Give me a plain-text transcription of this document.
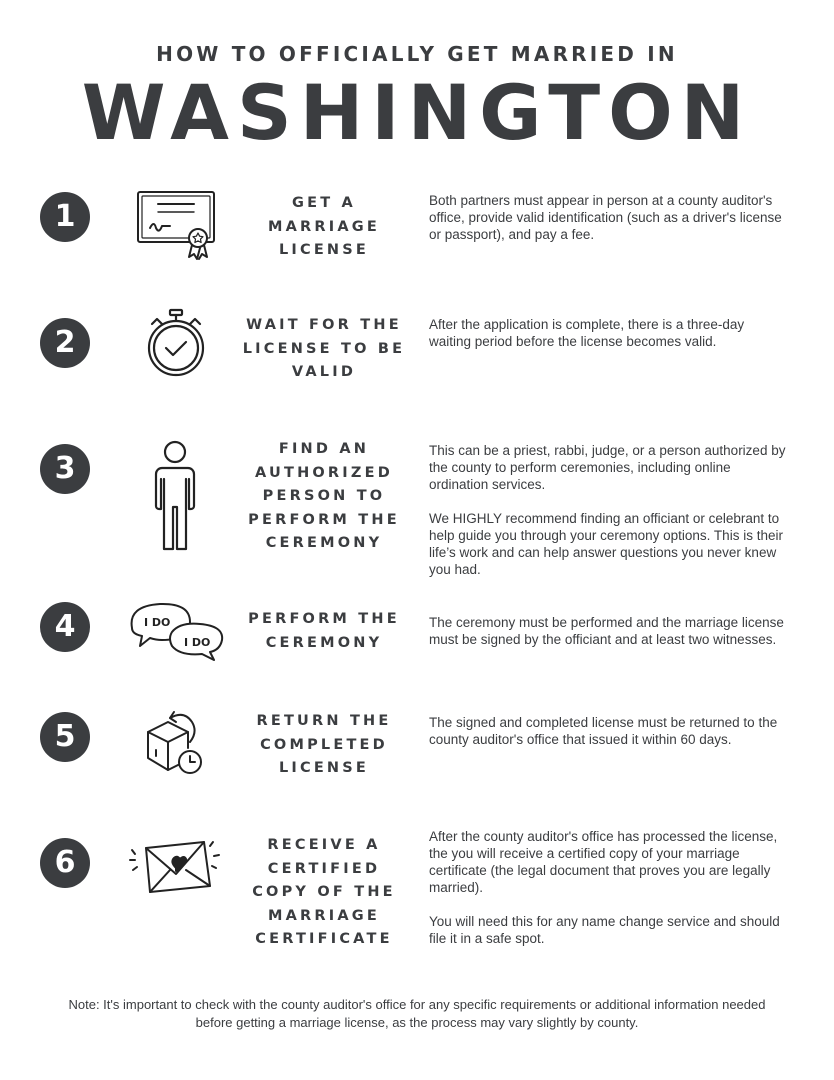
HOW TO OFFICIALLY GET MARRIED IN
WASHINGTON
1	GET A MARRIAGE LICENSE

Both partners must appear in person at a county auditor's office, provide valid identification (such as a driver's license or passport), and pay a fee.

2	WAIT FOR THE LICENSE TO BE VALID

After the application is complete, there is a three-day waiting period before the license becomes valid.

3
FIND AN AUTHORIZED PERSON TO PERFORM THE CEREMONY

This can be a priest, rabbi, judge, or a person authorized by the county to perform ceremonies, including online ordination services.

We HIGHLY recommend finding an officiant or celebrant to help guide you through your ceremony options. This is their life’s work and can help answer questions you never knew you had.

4	I DO
I DO
PERFORM THE CEREMONY

The ceremony must be performed and the marriage license must be signed by the officiant and at least two witnesses.

5	RETURN THE COMPLETED LICENSE

The signed and completed license must be returned to the county auditor's office that issued it within 60 days.

6	RECEIVE A CERTIFIED COPY OF THE MARRIAGE CERTIFICATE

After the county auditor's office has processed the license, the you will receive a certified copy of your marriage certificate (the legal document that proves you are legally married).

You will need this for any name change service and should file it in a safe spot.

Note: It's important to check with the county auditor's office for any specific requirements or additional information needed before getting a marriage license, as the process may vary slightly by county.
